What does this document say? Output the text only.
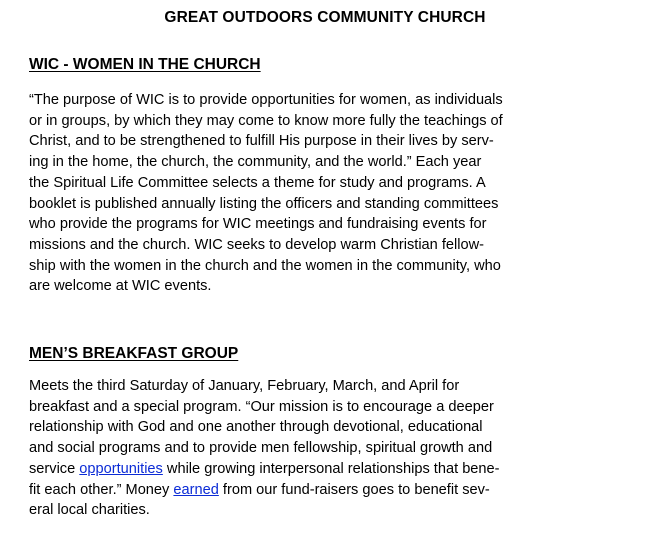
GREAT OUTDOORS COMMUNITY CHURCH
WIC - WOMEN IN THE CHURCH
“The purpose of WIC is to provide opportunities for women, as individuals
or in groups, by which they may come to know more fully the teachings of
Christ, and to be strengthened to fulfill His purpose in their lives by serv-
ing in the home, the church, the community, and the world.” Each year
the Spiritual Life Committee selects a theme for study and programs. A
booklet is published annually listing the officers and standing committees
who provide the programs for WIC meetings and fundraising events for
missions and the church. WIC seeks to develop warm Christian fellow-
ship with the women in the church and the women in the community, who
are welcome at WIC events.
MEN’S BREAKFAST GROUP
Meets the third Saturday of January, February, March, and April for
breakfast and a special program. “Our mission is to encourage a deeper
relationship with God and one another through devotional, educational
and social programs and to provide men fellowship, spiritual growth and
service opportunities while growing interpersonal relationships that bene-
fit each other.” Money earned from our fund-raisers goes to benefit sev-
eral local charities.
